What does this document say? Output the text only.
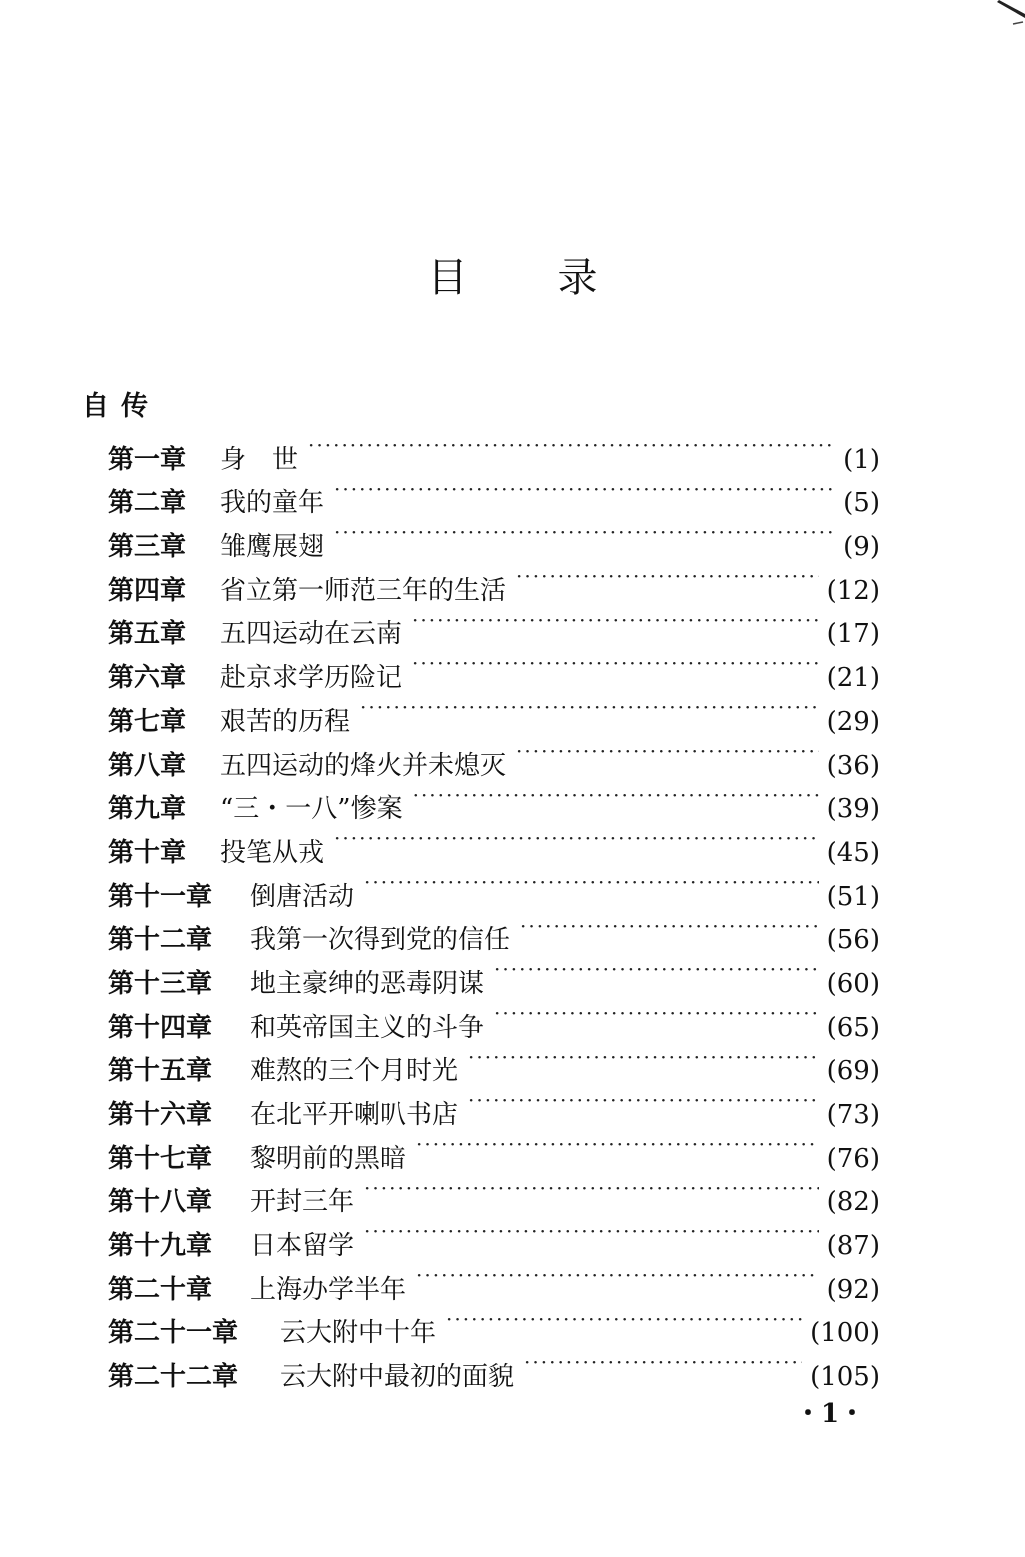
目 录
自传
第一章	身　世 ·····	(1)
第二章	我的童年 ·····	(5)
第三章	雏鹰展翅 ·····	(9)
第四章	省立第一师范三年的生活 ·····	(12)
第五章	五四运动在云南 ·····	(17)
第六章	赴京求学历险记 ·····	(21)
第七章	艰苦的历程 ·····	(29)
第八章	五四运动的烽火并未熄灭 ·····	(36)
第九章	“三・一八”惨案 ·····	(39)
第十章	投笔从戎 ·····	(45)
第十一章	倒唐活动 ·····	(51)
第十二章	我第一次得到党的信任 ·····	(56)
第十三章	地主豪绅的恶毒阴谋 ·····	(60)
第十四章	和英帝国主义的斗争 ·····	(65)
第十五章	难熬的三个月时光 ·····	(69)
第十六章	在北平开喇叭书店 ·····	(73)
第十七章	黎明前的黑暗 ·····	(76)
第十八章	开封三年 ·····	(82)
第十九章	日本留学 ·····	(87)
第二十章	上海办学半年 ·····	(92)
第二十一章	云大附中十年 ·····	(100)
第二十二章	云大附中最初的面貌 ·····	(105)
・1・
